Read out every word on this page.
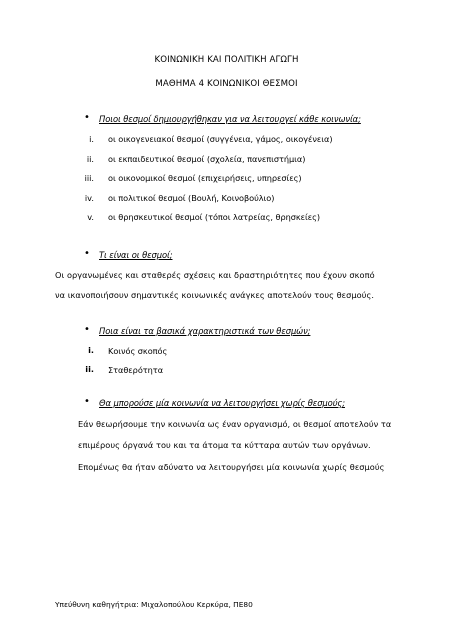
ΚΟΙΝΩΝΙΚΗ ΚΑΙ ΠΟΛΙΤΙΚΗ ΑΓΩΓΗ
ΜΑΘΗΜΑ 4 ΚΟΙΝΩΝΙΚΟΙ ΘΕΣΜΟΙ
• Ποιοι θεσμοί δημιουργήθηκαν για να λειτουργεί κάθε κοινωνία;
i. οι οικογενειακοί θεσμοί (συγγένεια, γάμος, οικογένεια)
ii. οι εκπαιδευτικοί θεσμοί (σχολεία, πανεπιστήμια)
iii. οι οικονομικοί θεσμοί (επιχειρήσεις, υπηρεσίες)
iv. οι πολιτικοί θεσμοί (Βουλή, Κοινοβούλιο)
v. οι θρησκευτικοί θεσμοί (τόποι λατρείας, θρησκείες)
• Τι είναι οι θεσμοί;
Οι οργανωμένες και σταθερές σχέσεις και δραστηριότητες που έχουν σκοπό
να ικανοποιήσουν σημαντικές κοινωνικές ανάγκες αποτελούν τους θεσμούς.
• Ποια είναι τα βασικά χαρακτηριστικά των θεσμών;
i. Κοινός σκοπός
ii. Σταθερότητα
• Θα μπορούσε μία κοινωνία να λειτουργήσει χωρίς θεσμούς;
Εάν θεωρήσουμε την κοινωνία ως έναν οργανισμό, οι θεσμοί αποτελούν τα
επιμέρους όργανά του και τα άτομα τα κύτταρα αυτών των οργάνων.
Επομένως θα ήταν αδύνατο να λειτουργήσει μία κοινωνία χωρίς θεσμούς
Υπεύθυνη καθηγήτρια: Μιχαλοπούλου Κερκύρα, ΠΕ80
